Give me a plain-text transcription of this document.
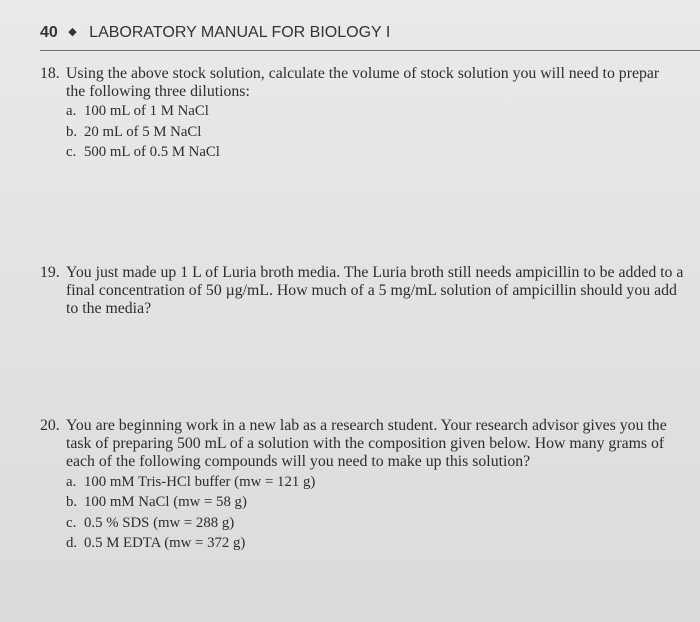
40 ◆ LABORATORY MANUAL FOR BIOLOGY I
18. Using the above stock solution, calculate the volume of stock solution you will need to prepar
the following three dilutions:
a. 100 mL of 1 M NaCl
b. 20 mL of 5 M NaCl
c. 500 mL of 0.5 M NaCl
19. You just made up 1 L of Luria broth media. The Luria broth still needs ampicillin to be added to a
final concentration of 50 µg/mL. How much of a 5 mg/mL solution of ampicillin should you add
to the media?
20. You are beginning work in a new lab as a research student. Your research advisor gives you the
task of preparing 500 mL of a solution with the composition given below. How many grams of
each of the following compounds will you need to make up this solution?
a. 100 mM Tris-HCl buffer (mw = 121 g)
b. 100 mM NaCl (mw = 58 g)
c. 0.5 % SDS (mw = 288 g)
d. 0.5 M EDTA (mw = 372 g)
